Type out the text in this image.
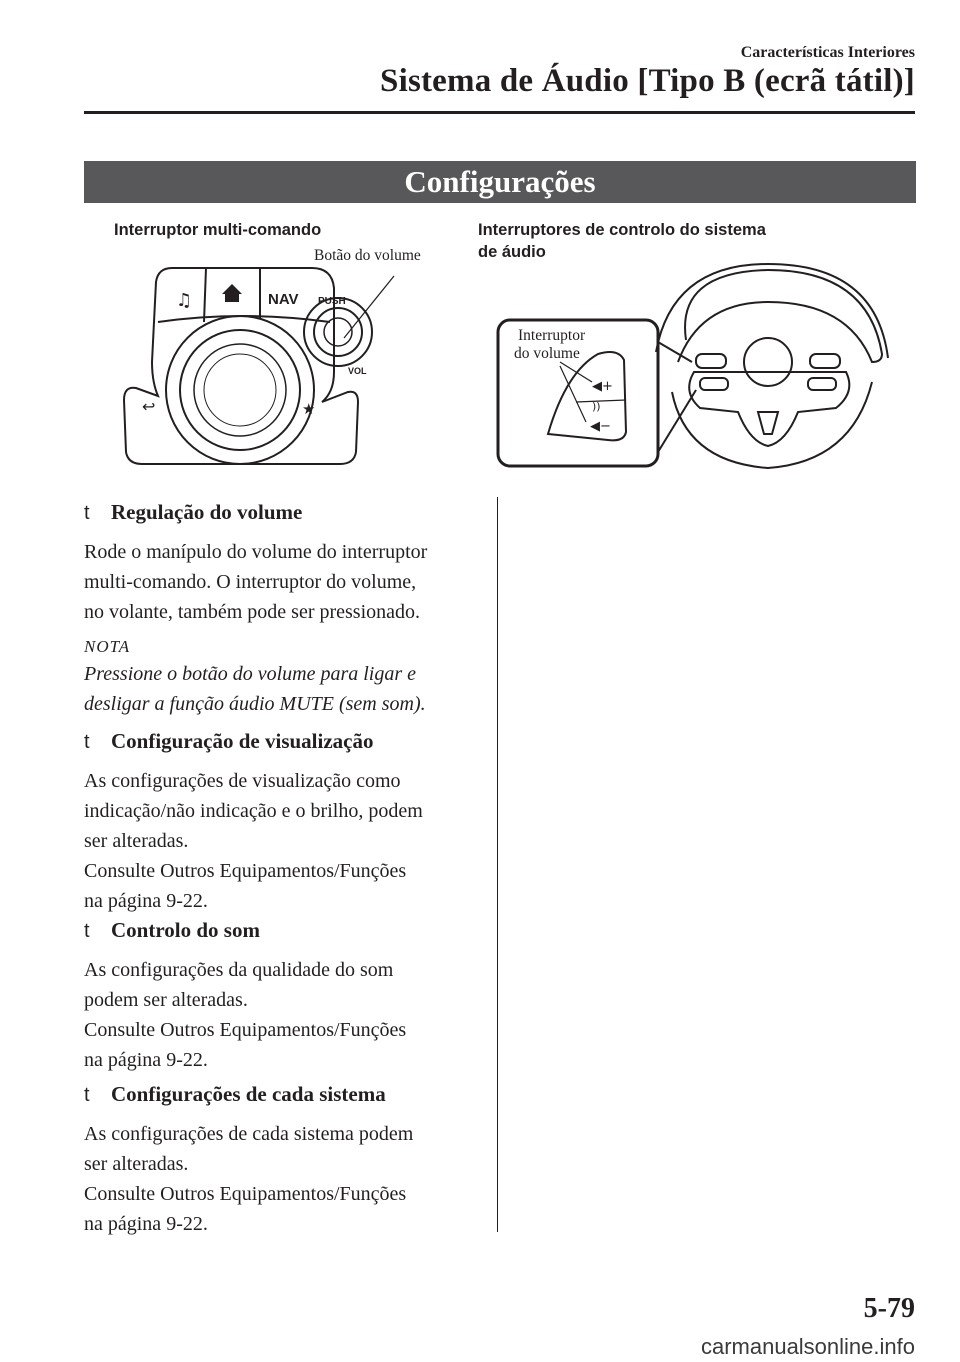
Características Interiores
Sistema de Áudio [Tipo B (ecrã tátil)]
Configurações
Interruptor multi-comando
Botão do volume
♫	NAV PUSH
VOL
↩	★
Interruptores de controlo do sistema
de áudio
Interruptor
do volume
◀+
))
◀−
t Regulação do volume
Rode o manípulo do volume do interruptor
multi-comando. O interruptor do volume,
no volante, também pode ser pressionado.
NOTA
Pressione o botão do volume para ligar e
desligar a função áudio MUTE (sem som).
t Configuração de visualização
As configurações de visualização como
indicação/não indicação e o brilho, podem
ser alteradas.
Consulte Outros Equipamentos/Funções
na página 9-22.
t Controlo do som
As configurações da qualidade do som
podem ser alteradas.
Consulte Outros Equipamentos/Funções
na página 9-22.
t Configurações de cada sistema
As configurações de cada sistema podem
ser alteradas.
Consulte Outros Equipamentos/Funções
na página 9-22.
5-79
carmanualsonline.info
